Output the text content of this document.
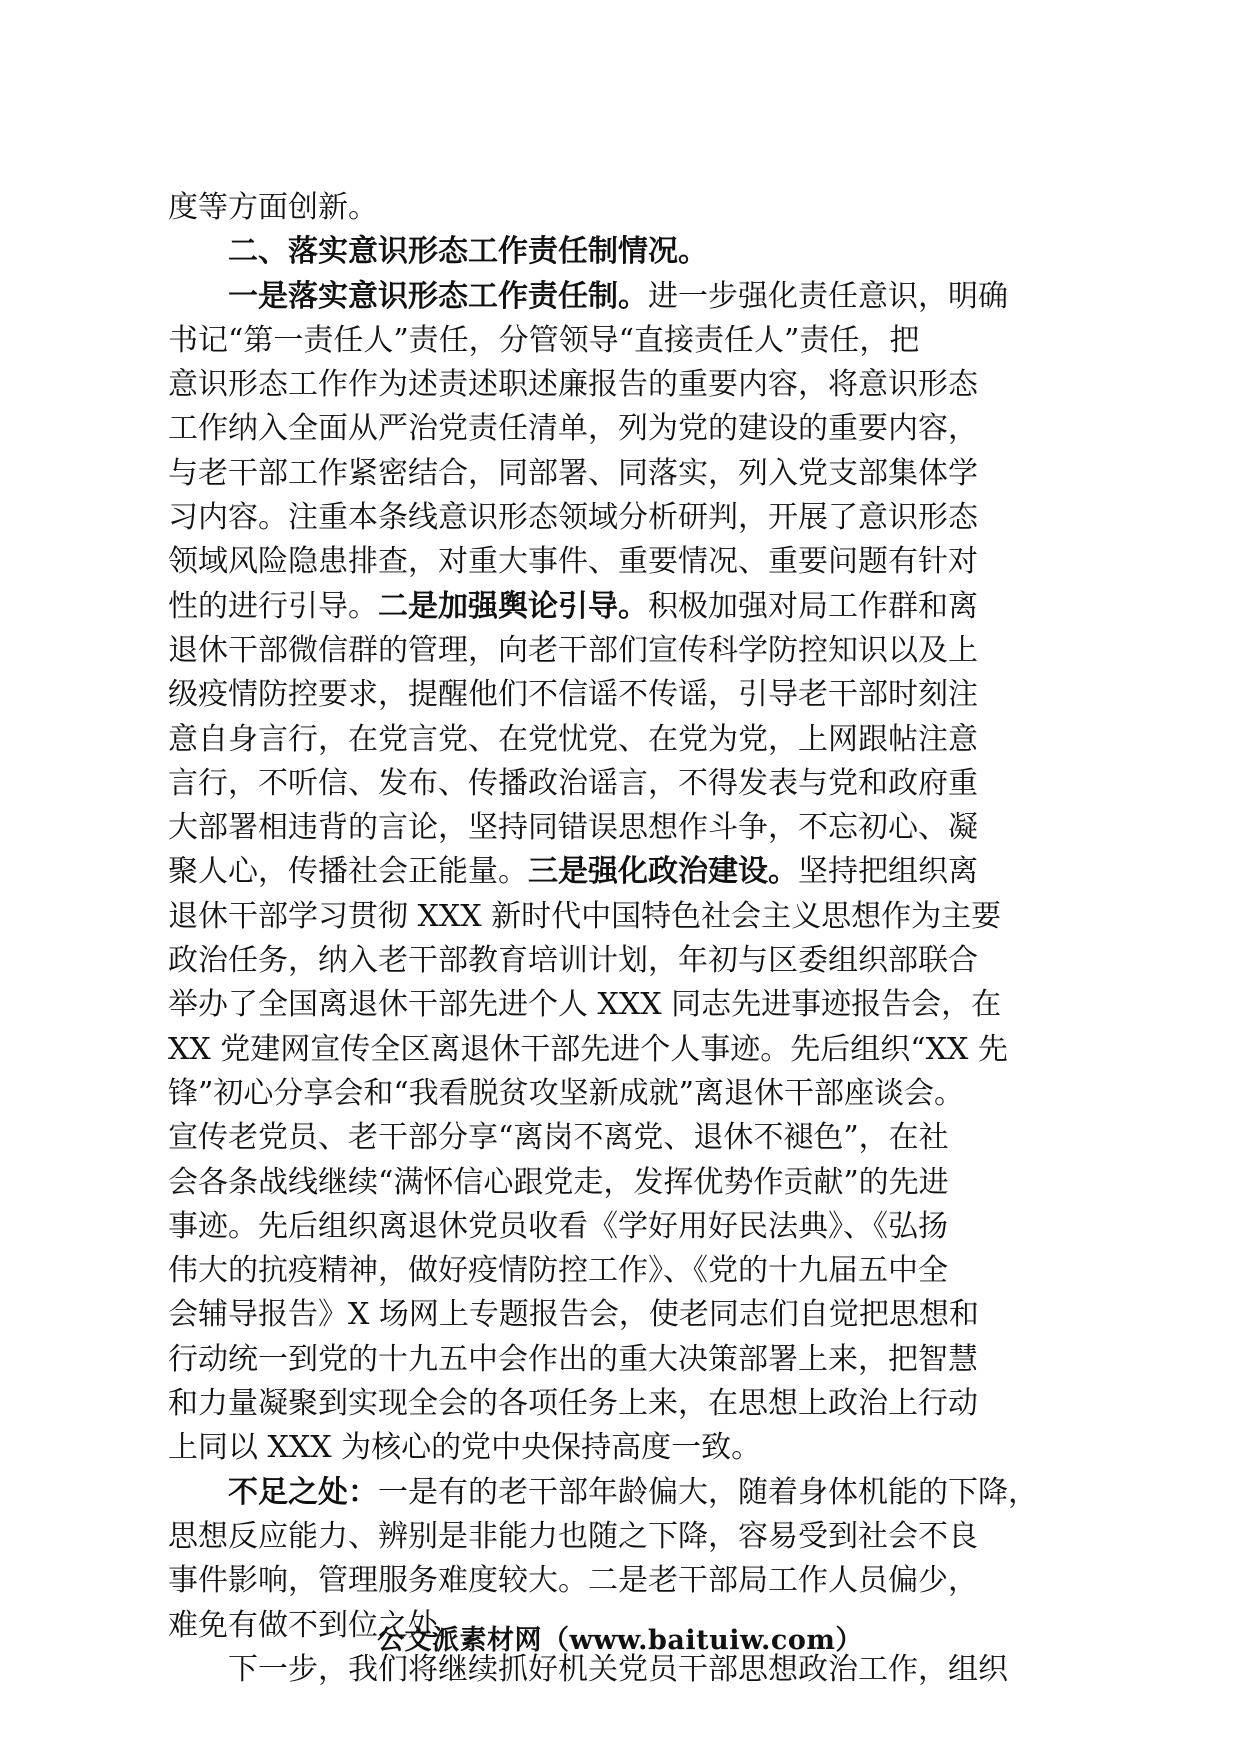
度等方面创新。
二、落实意识形态工作责任制情况。
一是落实意识形态工作责任制。进一步强化责任意识，明确
书记“第一责任人”责任，分管领导“直接责任人”责任，把
意识形态工作作为述责述职述廉报告的重要内容，将意识形态
工作纳入全面从严治党责任清单，列为党的建设的重要内容，
与老干部工作紧密结合，同部署、同落实，列入党支部集体学
习内容。注重本条线意识形态领域分析研判，开展了意识形态
领域风险隐患排查，对重大事件、重要情况、重要问题有针对
性的进行引导。二是加强舆论引导。积极加强对局工作群和离
退休干部微信群的管理，向老干部们宣传科学防控知识以及上
级疫情防控要求，提醒他们不信谣不传谣，引导老干部时刻注
意自身言行，在党言党、在党忧党、在党为党，上网跟帖注意
言行，不听信、发布、传播政治谣言，不得发表与党和政府重
大部署相违背的言论，坚持同错误思想作斗争，不忘初心、凝
聚人心，传播社会正能量。三是强化政治建设。坚持把组织离
退休干部学习贯彻 XXX 新时代中国特色社会主义思想作为主要
政治任务，纳入老干部教育培训计划，年初与区委组织部联合
举办了全国离退休干部先进个人 XXX 同志先进事迹报告会，在
XX 党建网宣传全区离退休干部先进个人事迹。先后组织“XX 先
锋”初心分享会和“我看脱贫攻坚新成就”离退休干部座谈会。
宣传老党员、老干部分享“离岗不离党、退休不褪色”，在社
会各条战线继续“满怀信心跟党走，发挥优势作贡献”的先进
事迹。先后组织离退休党员收看《学好用好民法典》、《弘扬
伟大的抗疫精神，做好疫情防控工作》、《党的十九届五中全
会辅导报告》X 场网上专题报告会，使老同志们自觉把思想和
行动统一到党的十九五中会作出的重大决策部署上来，把智慧
和力量凝聚到实现全会的各项任务上来，在思想上政治上行动
上同以 XXX 为核心的党中央保持高度一致。
不足之处：一是有的老干部年龄偏大，随着身体机能的下降，
思想反应能力、辨别是非能力也随之下降，容易受到社会不良
事件影响，管理服务难度较大。二是老干部局工作人员偏少，
难免有做不到位之处。
下一步，我们将继续抓好机关党员干部思想政治工作，组织
公文派素材网（www.baituiw.com）
